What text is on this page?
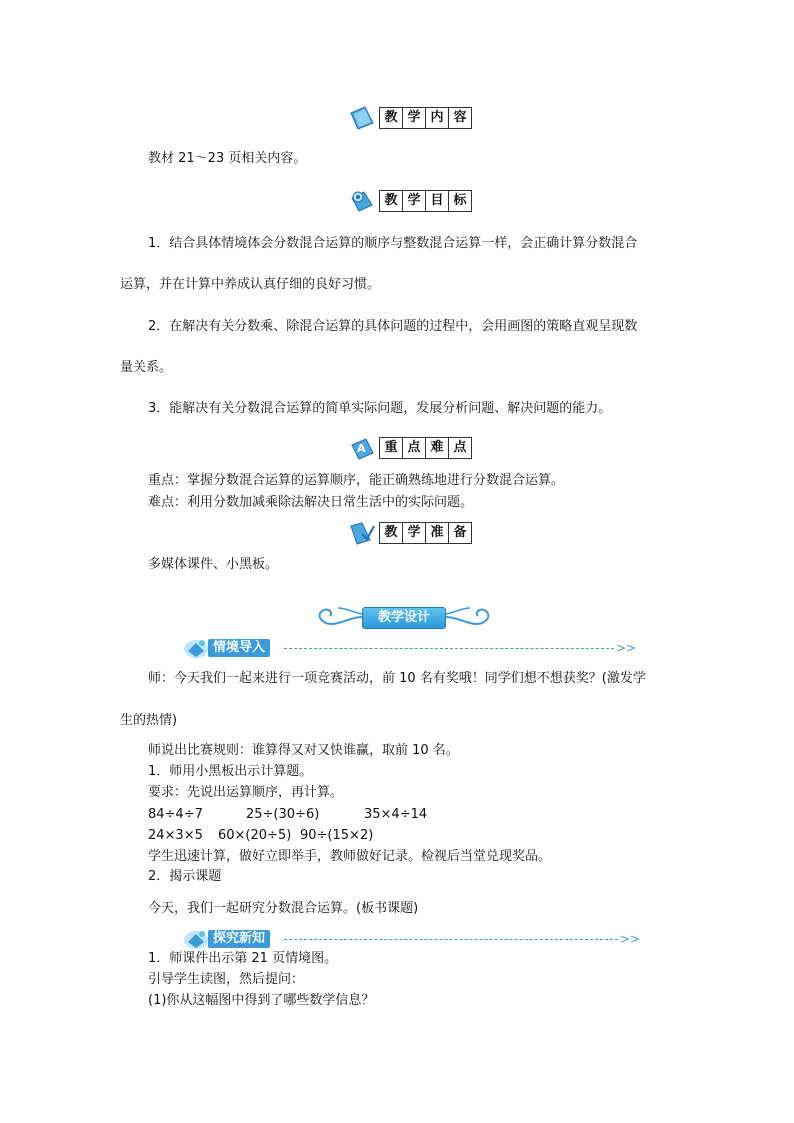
教 学 内 容
教材 21～23 页相关内容。
教 学 目 标
1．结合具体情境体会分数混合运算的顺序与整数混合运算一样，会正确计算分数混合
运算，并在计算中养成认真仔细的良好习惯。
2．在解决有关分数乘、除混合运算的具体问题的过程中，会用画图的策略直观呈现数
量关系。
3．能解决有关分数混合运算的简单实际问题，发展分析问题、解决问题的能力。
A	重 点 难 点
重点：掌握分数混合运算的运算顺序，能正确熟练地进行分数混合运算。
难点：利用分数加减乘除法解决日常生活中的实际问题。
教 学 准 备
多媒体课件、小黑板。
教学设计
情境导入	>>
师：今天我们一起来进行一项竞赛活动，前 10 名有奖哦！同学们想不想获奖？(激发学
生的热情)
师说出比赛规则：谁算得又对又快谁赢，取前 10 名。
1．师用小黑板出示计算题。
要求：先说出运算顺序，再计算。
84÷4÷7	25÷(30÷6)	35×4÷14
24×3×5 60×(20÷5) 90÷(15×2)
学生迅速计算，做好立即举手，教师做好记录。检视后当堂兑现奖品。
2．揭示课题
今天，我们一起研究分数混合运算。(板书课题)
探究新知	>>
1．师课件出示第 21 页情境图。
引导学生读图，然后提问：
(1)你从这幅图中得到了哪些数学信息？
